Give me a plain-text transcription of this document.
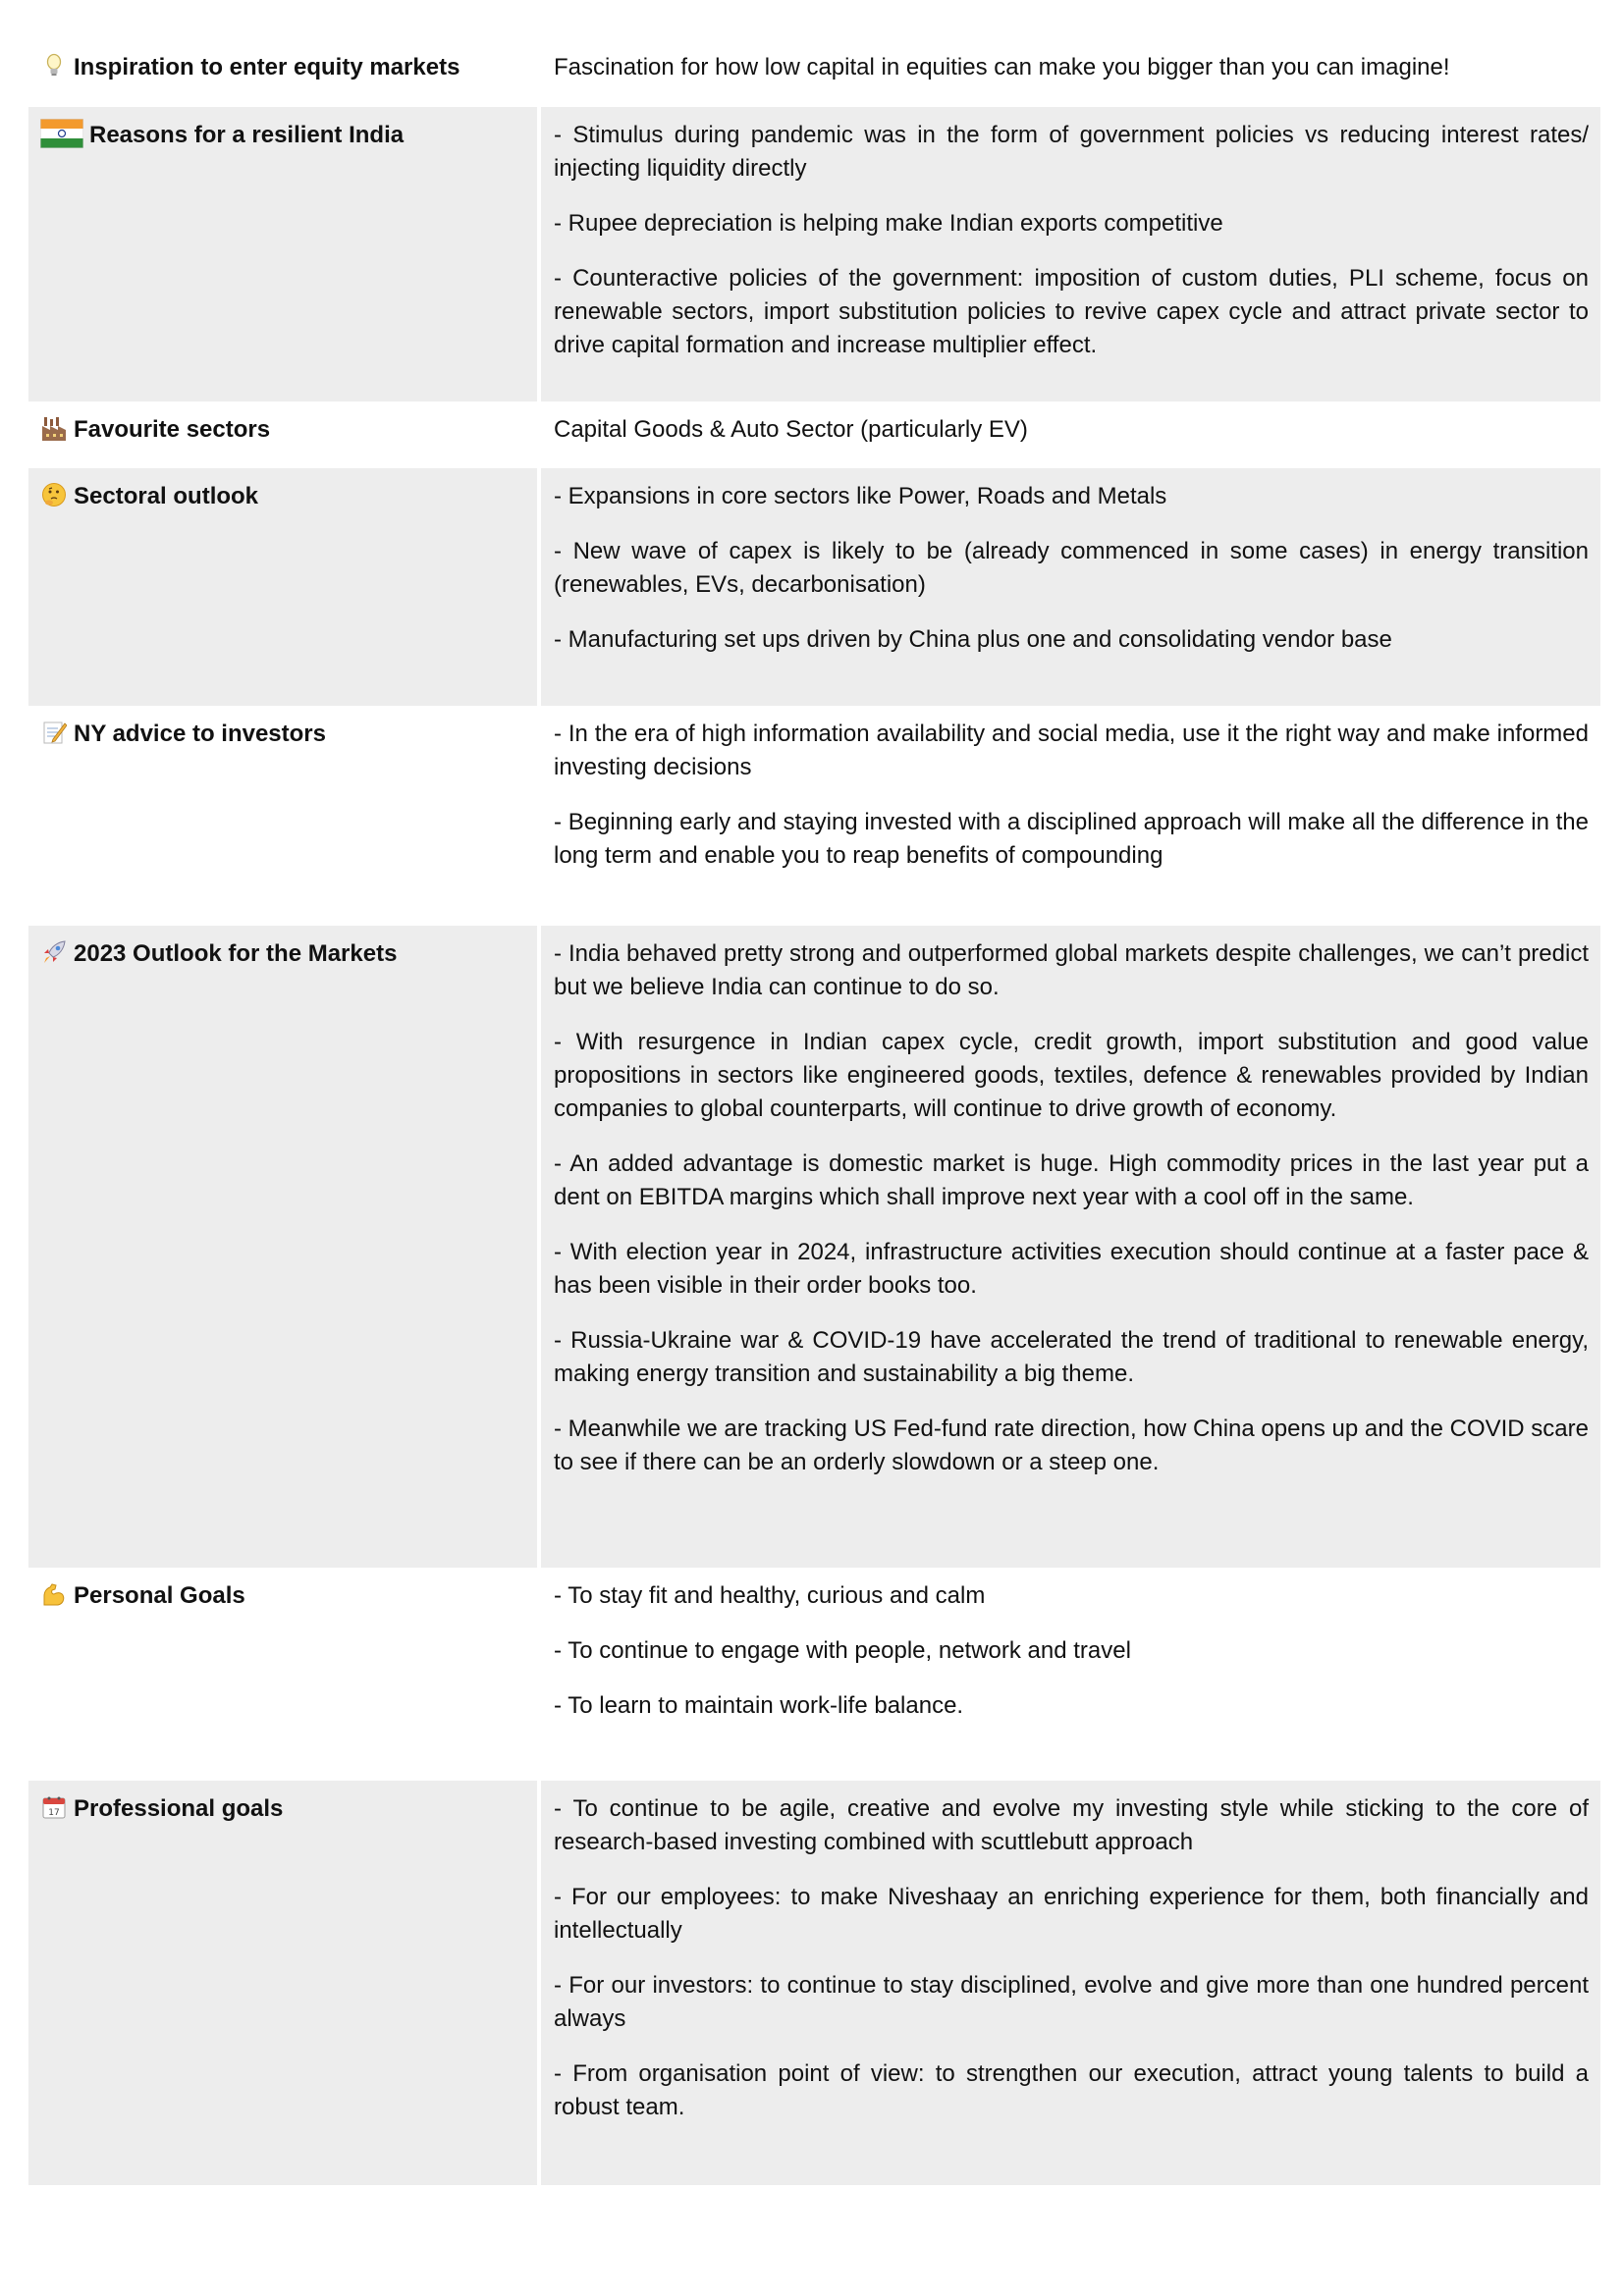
Inspiration to enter equity markets	Fascination for how low capital in equities can make you bigger than you can imagine!

Reasons for a resilient India	- Stimulus during pandemic was in the form of government policies vs reducing interest rates/ injecting liquidity directly

- Rupee depreciation is helping make Indian exports competitive

- Counteractive policies of the government: imposition of custom duties, PLI scheme, focus on renewable sectors, import substitution policies to revive capex cycle and attract private sector to drive capital formation and increase multiplier effect.

Favourite sectors	Capital Goods & Auto Sector (particularly EV)

Sectoral outlook	- Expansions in core sectors like Power, Roads and Metals

- New wave of capex is likely to be (already commenced in some cases) in energy transition (renewables, EVs, decarbonisation)

- Manufacturing set ups driven by China plus one and consolidating vendor base

NY advice to investors	- In the era of high information availability and social media, use it the right way and make informed investing decisions

- Beginning early and staying invested with a disciplined approach will make all the difference in the long term and enable you to reap benefits of compounding

2023 Outlook for the Markets	- India behaved pretty strong and outperformed global markets despite challenges, we can’t predict but we believe India can continue to do so.

- With resurgence in Indian capex cycle, credit growth, import substitution and good value propositions in sectors like engineered goods, textiles, defence & renewables provided by Indian companies to global counterparts, will continue to drive growth of economy.

- An added advantage is domestic market is huge. High commodity prices in the last year put a dent on EBITDA margins which shall improve next year with a cool off in the same.

- With election year in 2024, infrastructure activities execution should continue at a faster pace & has been visible in their order books too.

- Russia-Ukraine war & COVID-19 have accelerated the trend of traditional to renewable energy, making energy transition and sustainability a big theme.

- Meanwhile we are tracking US Fed-fund rate direction, how China opens up and the COVID scare to see if there can be an orderly slowdown or a steep one.

Personal Goals	- To stay fit and healthy, curious and calm

- To continue to engage with people, network and travel

- To learn to maintain work-life balance.

17 Professional goals	- To continue to be agile, creative and evolve my investing style while sticking to the core of research-based investing combined with scuttlebutt approach

- For our employees: to make Niveshaay an enriching experience for them, both financially and intellectually

- For our investors: to continue to stay disciplined, evolve and give more than one hundred percent always

- From organisation point of view: to strengthen our execution, attract young talents to build a robust team.
